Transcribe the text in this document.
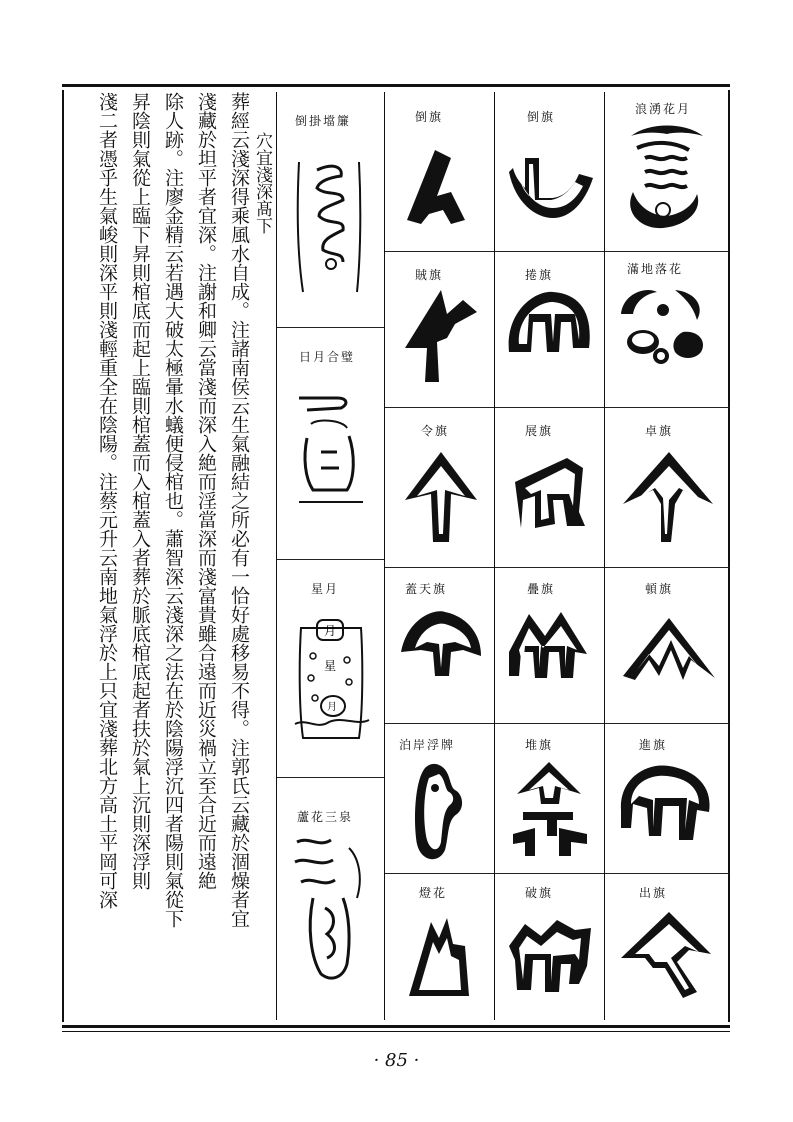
穴宜淺深髙下
葬經云淺深得乘風水自成。注諸南侯云生氣融結之所必有一恰好處移易不得。注郭氏云藏於涸燥者宜
淺藏於坦平者宜深。注謝和卿云當淺而深入絶而淫當深而淺富貴雖合遠而近災禍立至合近而遠絶
除人跡。注廖金精云若遇大破太極暈水蟻便侵棺也。蕭智深云淺深之法在於陰陽浮沉四者陽則氣從下
昇陰則氣從上臨下昇則棺底而起上臨則棺蓋而入棺蓋入者葬於脈底棺底起者扶於氣上沉則深浮則
淺二者憑乎生氣峻則深平則淺輕重全在陰陽。注蔡元升云南地氣浮於上只宜淺葬北方高土平岡可深	倒掛壋簾
日月合璧
星月
月
星
月
蘆花三泉
倒旗
賊旗
令旗
蓋天旗
泊岸浮牌
燈花
倒旗
捲旗
展旗
疊旗
堆旗
破旗
浪湧花月
滿地落花
卓旗
頓旗
進旗
出旗
· 85 ·
